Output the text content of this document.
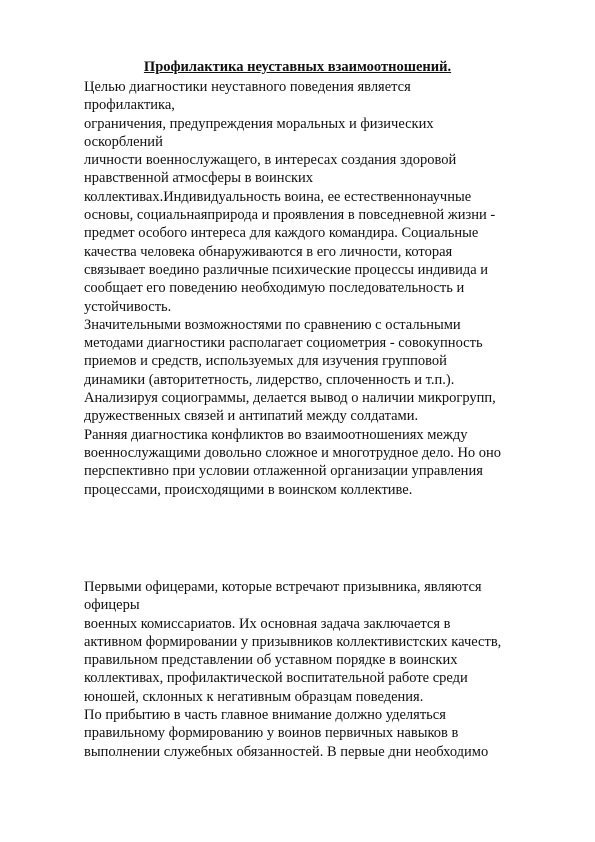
Профилактика неуставных взаимоотношений.
Целью диагностики неуставного поведения является
профилактика,
ограничения, предупреждения моральных и физических
оскорблений
личности военнослужащего, в интересах создания здоровой
нравственной атмосферы в воинских
коллективах.Индивидуальность воина, ее естественнонаучные
основы, социальнаяприрода и проявления в повседневной жизни -
предмет особого интереса для каждого командира. Социальные
качества человека обнаруживаются в его личности, которая
связывает воедино различные психические процессы индивида и
сообщает его поведению необходимую последовательность и
устойчивость.
Значительными возможностями по сравнению с остальными
методами диагностики располагает социометрия - совокупность
приемов и средств, используемых для изучения групповой
динамики (авторитетность, лидерство, сплоченность и т.п.).
Анализируя социограммы, делается вывод о наличии микрогрупп,
дружественных связей и антипатий между солдатами.
Ранняя диагностика конфликтов во взаимоотношениях между
военнослужащими довольно сложное и многотрудное дело. Но оно
перспективно при условии отлаженной организации управления
процессами, происходящими в воинском коллективе.
Первыми офицерами, которые встречают призывника, являются
офицеры
военных комиссариатов. Их основная задача заключается в
активном формировании у призывников коллективистских качеств,
правильном представлении об уставном порядке в воинских
коллективах, профилактической воспитательной работе среди
юношей, склонных к негативным образцам поведения.
По прибытию в часть главное внимание должно уделяться
правильному формированию у воинов первичных навыков в
выполнении служебных обязанностей. В первые дни необходимо
